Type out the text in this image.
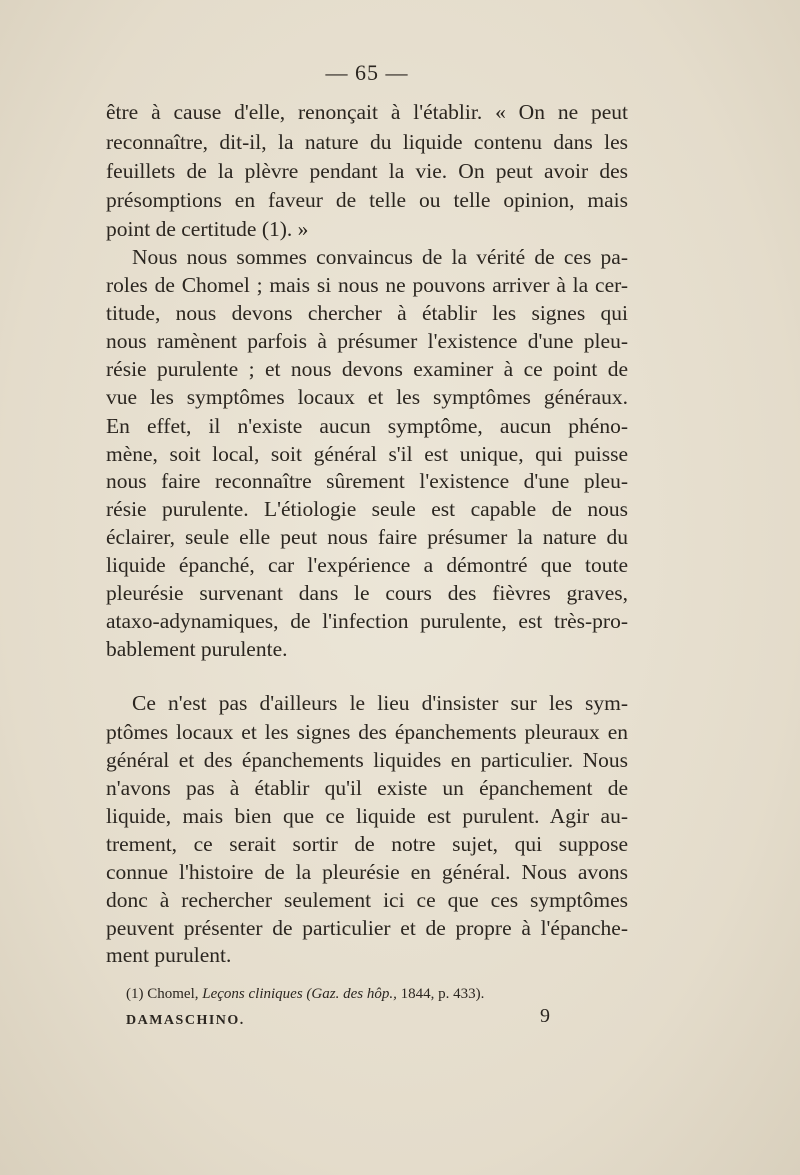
— 65 —
être à cause d'elle, renonçait à l'établir. « On ne peut
reconnaître, dit-il, la nature du liquide contenu dans les
feuillets de la plèvre pendant la vie. On peut avoir des
présomptions en faveur de telle ou telle opinion, mais
point de certitude (1). »
Nous nous sommes convaincus de la vérité de ces pa-
roles de Chomel ; mais si nous ne pouvons arriver à la cer-
titude, nous devons chercher à établir les signes qui
nous ramènent parfois à présumer l'existence d'une pleu-
résie purulente ; et nous devons examiner à ce point de
vue les symptômes locaux et les symptômes généraux.
En effet, il n'existe aucun symptôme, aucun phéno-
mène, soit local, soit général s'il est unique, qui puisse
nous faire reconnaître sûrement l'existence d'une pleu-
résie purulente. L'étiologie seule est capable de nous
éclairer, seule elle peut nous faire présumer la nature du
liquide épanché, car l'expérience a démontré que toute
pleurésie survenant dans le cours des fièvres graves,
ataxo-adynamiques, de l'infection purulente, est très-pro-
bablement purulente.
Ce n'est pas d'ailleurs le lieu d'insister sur les sym-
ptômes locaux et les signes des épanchements pleuraux en
général et des épanchements liquides en particulier. Nous
n'avons pas à établir qu'il existe un épanchement de
liquide, mais bien que ce liquide est purulent. Agir au-
trement, ce serait sortir de notre sujet, qui suppose
connue l'histoire de la pleurésie en général. Nous avons
donc à rechercher seulement ici ce que ces symptômes
peuvent présenter de particulier et de propre à l'épanche-
ment purulent.
(1) Chomel, Leçons cliniques (Gaz. des hôp., 1844, p. 433).
DAMASCHINO.	9
